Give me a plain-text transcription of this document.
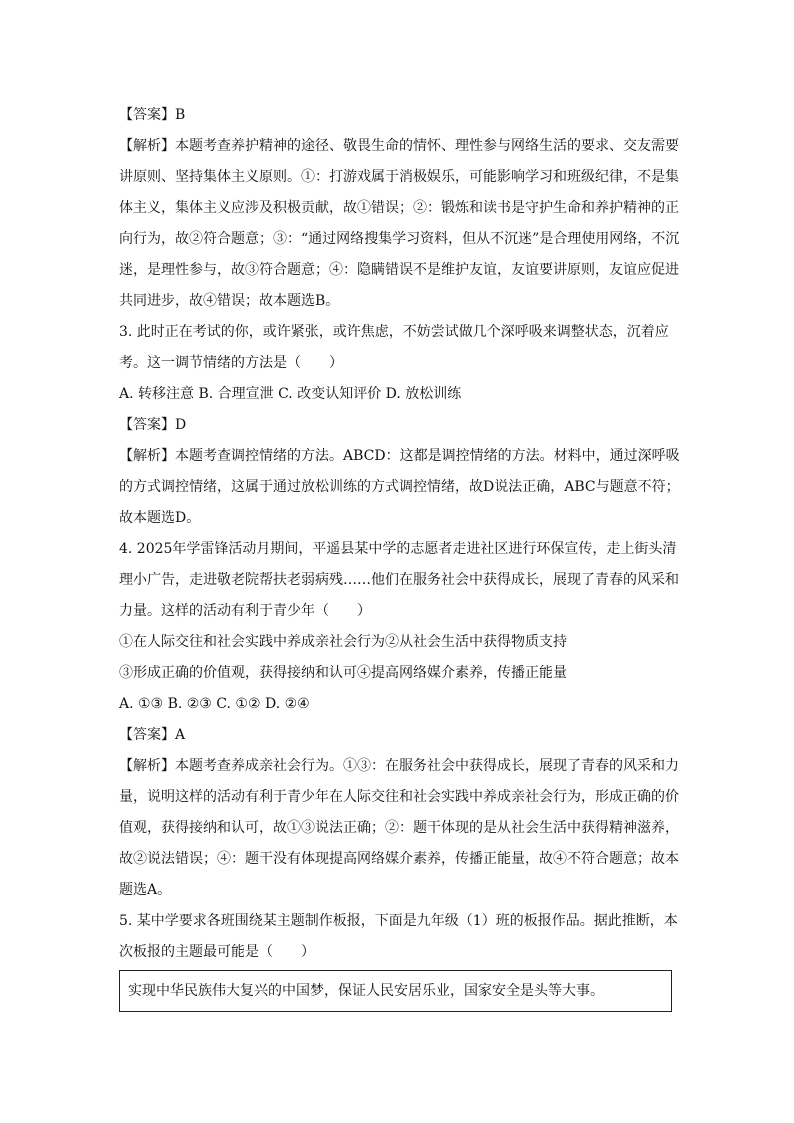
【答案】B
【解析】本题考查养护精神的途径、敬畏生命的情怀、理性参与网络生活的要求、交友需要
讲原则、坚持集体主义原则。①：打游戏属于消极娱乐，可能影响学习和班级纪律，不是集
体主义，集体主义应涉及积极贡献，故①错误；②：锻炼和读书是守护生命和养护精神的正
向行为，故②符合题意；③：“通过网络搜集学习资料，但从不沉迷”是合理使用网络，不沉
迷，是理性参与，故③符合题意；④：隐瞒错误不是维护友谊，友谊要讲原则，友谊应促进
共同进步，故④错误；故本题选B。
3. 此时正在考试的你，或许紧张，或许焦虑，不妨尝试做几个深呼吸来调整状态，沉着应
考。这一调节情绪的方法是（　　）
A. 转移注意 B. 合理宣泄 C. 改变认知评价 D. 放松训练
【答案】D
【解析】本题考查调控情绪的方法。ABCD：这都是调控情绪的方法。材料中，通过深呼吸
的方式调控情绪，这属于通过放松训练的方式调控情绪，故D说法正确，ABC与题意不符；
故本题选D。
4. 2025年学雷锋活动月期间，平遥县某中学的志愿者走进社区进行环保宣传，走上街头清
理小广告，走进敬老院帮扶老弱病残……他们在服务社会中获得成长，展现了青春的风采和
力量。这样的活动有利于青少年（　　）
①在人际交往和社会实践中养成亲社会行为②从社会生活中获得物质支持
③形成正确的价值观，获得接纳和认可④提高网络媒介素养，传播正能量
A. ①③ B. ②③ C. ①② D. ②④
【答案】A
【解析】本题考查养成亲社会行为。①③：在服务社会中获得成长，展现了青春的风采和力
量，说明这样的活动有利于青少年在人际交往和社会实践中养成亲社会行为，形成正确的价
值观，获得接纳和认可，故①③说法正确；②：题干体现的是从社会生活中获得精神滋养，
故②说法错误；④：题干没有体现提高网络媒介素养，传播正能量，故④不符合题意；故本
题选A。
5. 某中学要求各班围绕某主题制作板报，下面是九年级（1）班的板报作品。据此推断，本
次板报的主题最可能是（　　）
实现中华民族伟大复兴的中国梦，保证人民安居乐业，国家安全是头等大事。
